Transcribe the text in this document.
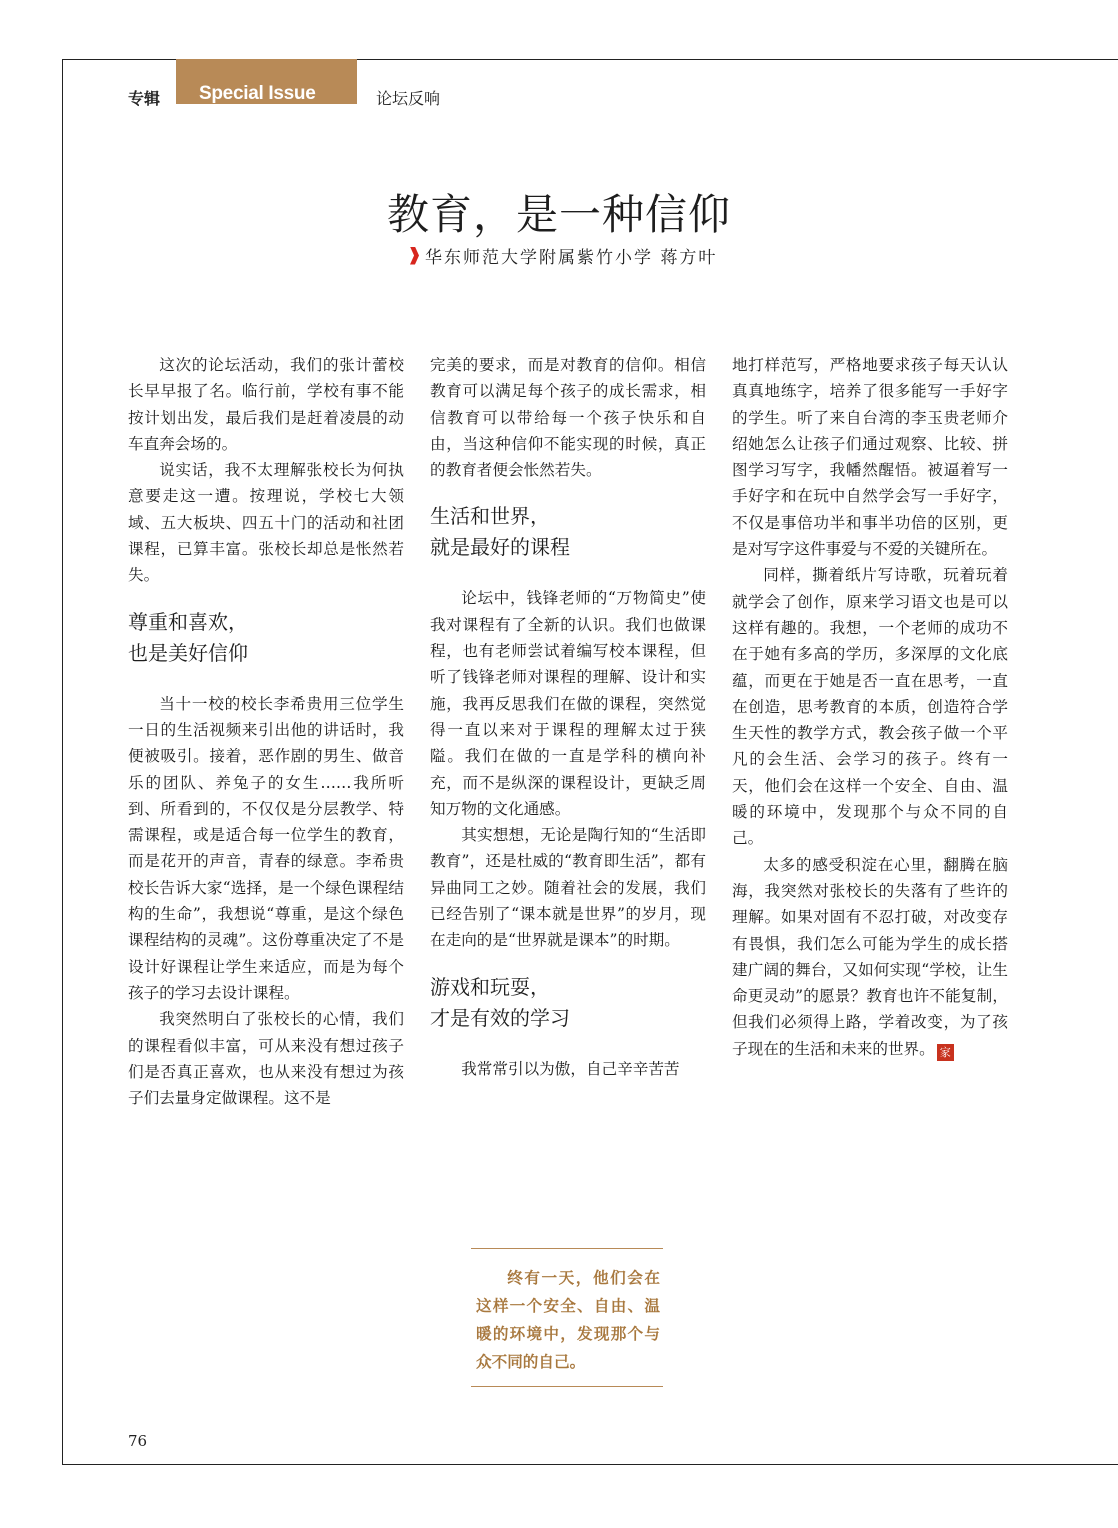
专辑 Special Issue	论坛反响
教育，是一种信仰
华东师范大学附属紫竹小学 蒋方叶

这次的论坛活动，我们的张计蕾校长早早报了名。临行前，学校有事不能按计划出发，最后我们是赶着凌晨的动车直奔会场的。

说实话，我不太理解张校长为何执意要走这一遭。按理说，学校七大领域、五大板块、四五十门的活动和社团课程，已算丰富。张校长却总是怅然若失。

尊重和喜欢，
也是美好信仰

当十一校的校长李希贵用三位学生一日的生活视频来引出他的讲话时，我便被吸引。接着，恶作剧的男生、做音乐的团队、养兔子的女生……我所听到、所看到的，不仅仅是分层教学、特需课程，或是适合每一位学生的教育，而是花开的声音，青春的绿意。李希贵校长告诉大家“选择，是一个绿色课程结构的生命”，我想说“尊重，是这个绿色课程结构的灵魂”。这份尊重决定了不是设计好课程让学生来适应，而是为每个孩子的学习去设计课程。

我突然明白了张校长的心情，我们的课程看似丰富，可从来没有想过孩子们是否真正喜欢，也从来没有想过为孩子们去量身定做课程。这不是

完美的要求，而是对教育的信仰。相信教育可以满足每个孩子的成长需求，相信教育可以带给每一个孩子快乐和自由，当这种信仰不能实现的时候，真正的教育者便会怅然若失。

生活和世界，
就是最好的课程

论坛中，钱锋老师的“万物简史”使我对课程有了全新的认识。我们也做课程，也有老师尝试着编写校本课程，但听了钱锋老师对课程的理解、设计和实施，我再反思我们在做的课程，突然觉得一直以来对于课程的理解太过于狭隘。我们在做的一直是学科的横向补充，而不是纵深的课程设计，更缺乏周知万物的文化通感。

其实想想，无论是陶行知的“生活即教育”，还是杜威的“教育即生活”，都有异曲同工之妙。随着社会的发展，我们已经告别了“课本就是世界”的岁月，现在走向的是“世界就是课本”的时期。

游戏和玩耍，
才是有效的学习

我常常引以为傲，自己辛辛苦苦

地打样范写，严格地要求孩子每天认认真真地练字，培养了很多能写一手好字的学生。听了来自台湾的李玉贵老师介绍她怎么让孩子们通过观察、比较、拼图学习写字，我幡然醒悟。被逼着写一手好字和在玩中自然学会写一手好字，不仅是事倍功半和事半功倍的区别，更是对写字这件事爱与不爱的关键所在。

同样，撕着纸片写诗歌，玩着玩着就学会了创作，原来学习语文也是可以这样有趣的。我想，一个老师的成功不在于她有多高的学历，多深厚的文化底蕴，而更在于她是否一直在思考，一直在创造，思考教育的本质，创造符合学生天性的教学方式，教会孩子做一个平凡的会生活、会学习的孩子。终有一天，他们会在这样一个安全、自由、温暖的环境中，发现那个与众不同的自己。

太多的感受积淀在心里，翻腾在脑海，我突然对张校长的失落有了些许的理解。如果对固有不忍打破，对改变存有畏惧，我们怎么可能为学生的成长搭建广阔的舞台，又如何实现“学校，让生命更灵动”的愿景？教育也许不能复制，但我们必须得上路，学着改变，为了孩子现在的生活和未来的世界。 家

终有一天，他们会在这样一个安全、自由、温暖的环境中，发现那个与众不同的自己。

76
